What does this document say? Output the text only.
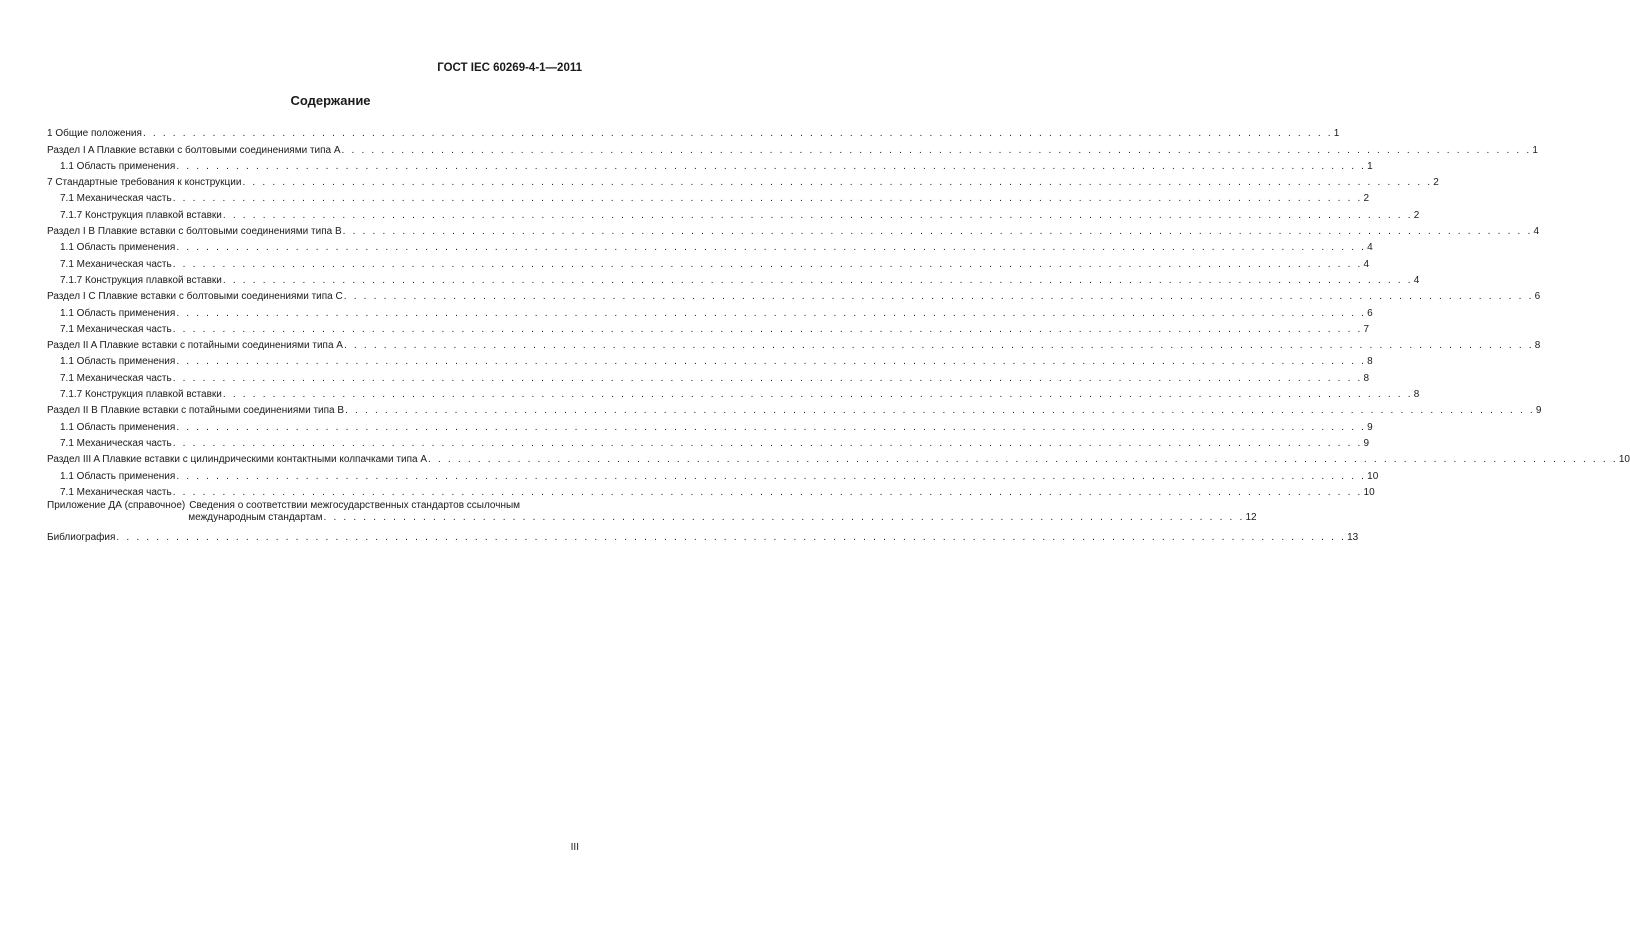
ГОСТ IEC 60269-4-1—2011
Содержание
1 Общие положения . . . . . . . . . . . . . . . . . . . . . . . . . . . . . . . . . . . . . . . . . . . . . . . . . . . . . . . . . . . . . . . . . . . . . . . . . . . . . . . . . . . . . . . . . . . . . . . . . . . . . . . . . . . . . . . . . . . . . . . . 1
Раздел I A Плавкие вставки с болтовыми соединениями типа А . . . . . . . . . . . . . . . . . . . . . . . . . . . . . . . . . . . . . . . . . . . . . . . . . . . . . . . . . . . . . . . . . . . . . . . . . . . . . . . . . . . . . . . . . . . . . . . . . . . . . . . . . . . . . . . . . . . . . . . . 1
1.1 Область применения . . . . . . . . . . . . . . . . . . . . . . . . . . . . . . . . . . . . . . . . . . . . . . . . . . . . . . . . . . . . . . . . . . . . . . . . . . . . . . . . . . . . . . . . . . . . . . . . . . . . . . . . . . . . . . . . . . . . . . . . 1
7 Стандартные требования к конструкции . . . . . . . . . . . . . . . . . . . . . . . . . . . . . . . . . . . . . . . . . . . . . . . . . . . . . . . . . . . . . . . . . . . . . . . . . . . . . . . . . . . . . . . . . . . . . . . . . . . . . . . . . . . . . . . . . . . . . . . . 2
7.1 Механическая часть . . . . . . . . . . . . . . . . . . . . . . . . . . . . . . . . . . . . . . . . . . . . . . . . . . . . . . . . . . . . . . . . . . . . . . . . . . . . . . . . . . . . . . . . . . . . . . . . . . . . . . . . . . . . . . . . . . . . . . . . 2
7.1.7 Конструкция плавкой вставки . . . . . . . . . . . . . . . . . . . . . . . . . . . . . . . . . . . . . . . . . . . . . . . . . . . . . . . . . . . . . . . . . . . . . . . . . . . . . . . . . . . . . . . . . . . . . . . . . . . . . . . . . . . . . . . . . . . . . . . . 2
Раздел I B Плавкие вставки с болтовыми соединениями типа В . . . . . . . . . . . . . . . . . . . . . . . . . . . . . . . . . . . . . . . . . . . . . . . . . . . . . . . . . . . . . . . . . . . . . . . . . . . . . . . . . . . . . . . . . . . . . . . . . . . . . . . . . . . . . . . . . . . . . . . . 4
1.1 Область применения . . . . . . . . . . . . . . . . . . . . . . . . . . . . . . . . . . . . . . . . . . . . . . . . . . . . . . . . . . . . . . . . . . . . . . . . . . . . . . . . . . . . . . . . . . . . . . . . . . . . . . . . . . . . . . . . . . . . . . . . 4
7.1 Механическая часть . . . . . . . . . . . . . . . . . . . . . . . . . . . . . . . . . . . . . . . . . . . . . . . . . . . . . . . . . . . . . . . . . . . . . . . . . . . . . . . . . . . . . . . . . . . . . . . . . . . . . . . . . . . . . . . . . . . . . . . . 4
7.1.7 Конструкция плавкой вставки . . . . . . . . . . . . . . . . . . . . . . . . . . . . . . . . . . . . . . . . . . . . . . . . . . . . . . . . . . . . . . . . . . . . . . . . . . . . . . . . . . . . . . . . . . . . . . . . . . . . . . . . . . . . . . . . . . . . . . . . 4
Раздел I C Плавкие вставки с болтовыми соединениями типа С . . . . . . . . . . . . . . . . . . . . . . . . . . . . . . . . . . . . . . . . . . . . . . . . . . . . . . . . . . . . . . . . . . . . . . . . . . . . . . . . . . . . . . . . . . . . . . . . . . . . . . . . . . . . . . . . . . . . . . . . 6
1.1 Область применения . . . . . . . . . . . . . . . . . . . . . . . . . . . . . . . . . . . . . . . . . . . . . . . . . . . . . . . . . . . . . . . . . . . . . . . . . . . . . . . . . . . . . . . . . . . . . . . . . . . . . . . . . . . . . . . . . . . . . . . . 6
7.1 Механическая часть . . . . . . . . . . . . . . . . . . . . . . . . . . . . . . . . . . . . . . . . . . . . . . . . . . . . . . . . . . . . . . . . . . . . . . . . . . . . . . . . . . . . . . . . . . . . . . . . . . . . . . . . . . . . . . . . . . . . . . . . 7
Раздел II A Плавкие вставки с потайными соединениями типа А . . . . . . . . . . . . . . . . . . . . . . . . . . . . . . . . . . . . . . . . . . . . . . . . . . . . . . . . . . . . . . . . . . . . . . . . . . . . . . . . . . . . . . . . . . . . . . . . . . . . . . . . . . . . . . . . . . . . . . . . 8
1.1 Область применения . . . . . . . . . . . . . . . . . . . . . . . . . . . . . . . . . . . . . . . . . . . . . . . . . . . . . . . . . . . . . . . . . . . . . . . . . . . . . . . . . . . . . . . . . . . . . . . . . . . . . . . . . . . . . . . . . . . . . . . . 8
7.1 Механическая часть . . . . . . . . . . . . . . . . . . . . . . . . . . . . . . . . . . . . . . . . . . . . . . . . . . . . . . . . . . . . . . . . . . . . . . . . . . . . . . . . . . . . . . . . . . . . . . . . . . . . . . . . . . . . . . . . . . . . . . . . 8
7.1.7 Конструкция плавкой вставки . . . . . . . . . . . . . . . . . . . . . . . . . . . . . . . . . . . . . . . . . . . . . . . . . . . . . . . . . . . . . . . . . . . . . . . . . . . . . . . . . . . . . . . . . . . . . . . . . . . . . . . . . . . . . . . . . . . . . . . . 8
Раздел II B Плавкие вставки с потайными соединениями типа В . . . . . . . . . . . . . . . . . . . . . . . . . . . . . . . . . . . . . . . . . . . . . . . . . . . . . . . . . . . . . . . . . . . . . . . . . . . . . . . . . . . . . . . . . . . . . . . . . . . . . . . . . . . . . . . . . . . . . . . . 9
1.1 Область применения . . . . . . . . . . . . . . . . . . . . . . . . . . . . . . . . . . . . . . . . . . . . . . . . . . . . . . . . . . . . . . . . . . . . . . . . . . . . . . . . . . . . . . . . . . . . . . . . . . . . . . . . . . . . . . . . . . . . . . . . 9
7.1 Механическая часть . . . . . . . . . . . . . . . . . . . . . . . . . . . . . . . . . . . . . . . . . . . . . . . . . . . . . . . . . . . . . . . . . . . . . . . . . . . . . . . . . . . . . . . . . . . . . . . . . . . . . . . . . . . . . . . . . . . . . . . . 9
Раздел III A Плавкие вставки с цилиндрическими контактными колпачками типа А . . . . . . . . . . . . . . . . . . . . . . . . . . . . . . . . . . . . . . . . . . . . . . . . . . . . . . . . . . . . . . . . . . . . . . . . . . . . . . . . . . . . . . . . . . . . . . . . . . . . . . . . . . . . . . . . . . . . . . . . 10
1.1 Область применения . . . . . . . . . . . . . . . . . . . . . . . . . . . . . . . . . . . . . . . . . . . . . . . . . . . . . . . . . . . . . . . . . . . . . . . . . . . . . . . . . . . . . . . . . . . . . . . . . . . . . . . . . . . . . . . . . . . . . . . . 10
7.1 Механическая часть . . . . . . . . . . . . . . . . . . . . . . . . . . . . . . . . . . . . . . . . . . . . . . . . . . . . . . . . . . . . . . . . . . . . . . . . . . . . . . . . . . . . . . . . . . . . . . . . . . . . . . . . . . . . . . . . . . . . . . . . 10
Приложение ДА (справочное) Сведения о соответствии межгосударственных стандартов ссылочным
международным стандартам . . . . . . . . . . . . . . . . . . . . . . . . . . . . . . . . . . . . . . . . . . . . . . . . . . . . . . . . . . . . . . . . . . . . . . . . . . . . . . . . . . . . . . . . . . . . . 12
Библиография . . . . . . . . . . . . . . . . . . . . . . . . . . . . . . . . . . . . . . . . . . . . . . . . . . . . . . . . . . . . . . . . . . . . . . . . . . . . . . . . . . . . . . . . . . . . . . . . . . . . . . . . . . . . . . . . . . . . . . . . . . . . 13
III
